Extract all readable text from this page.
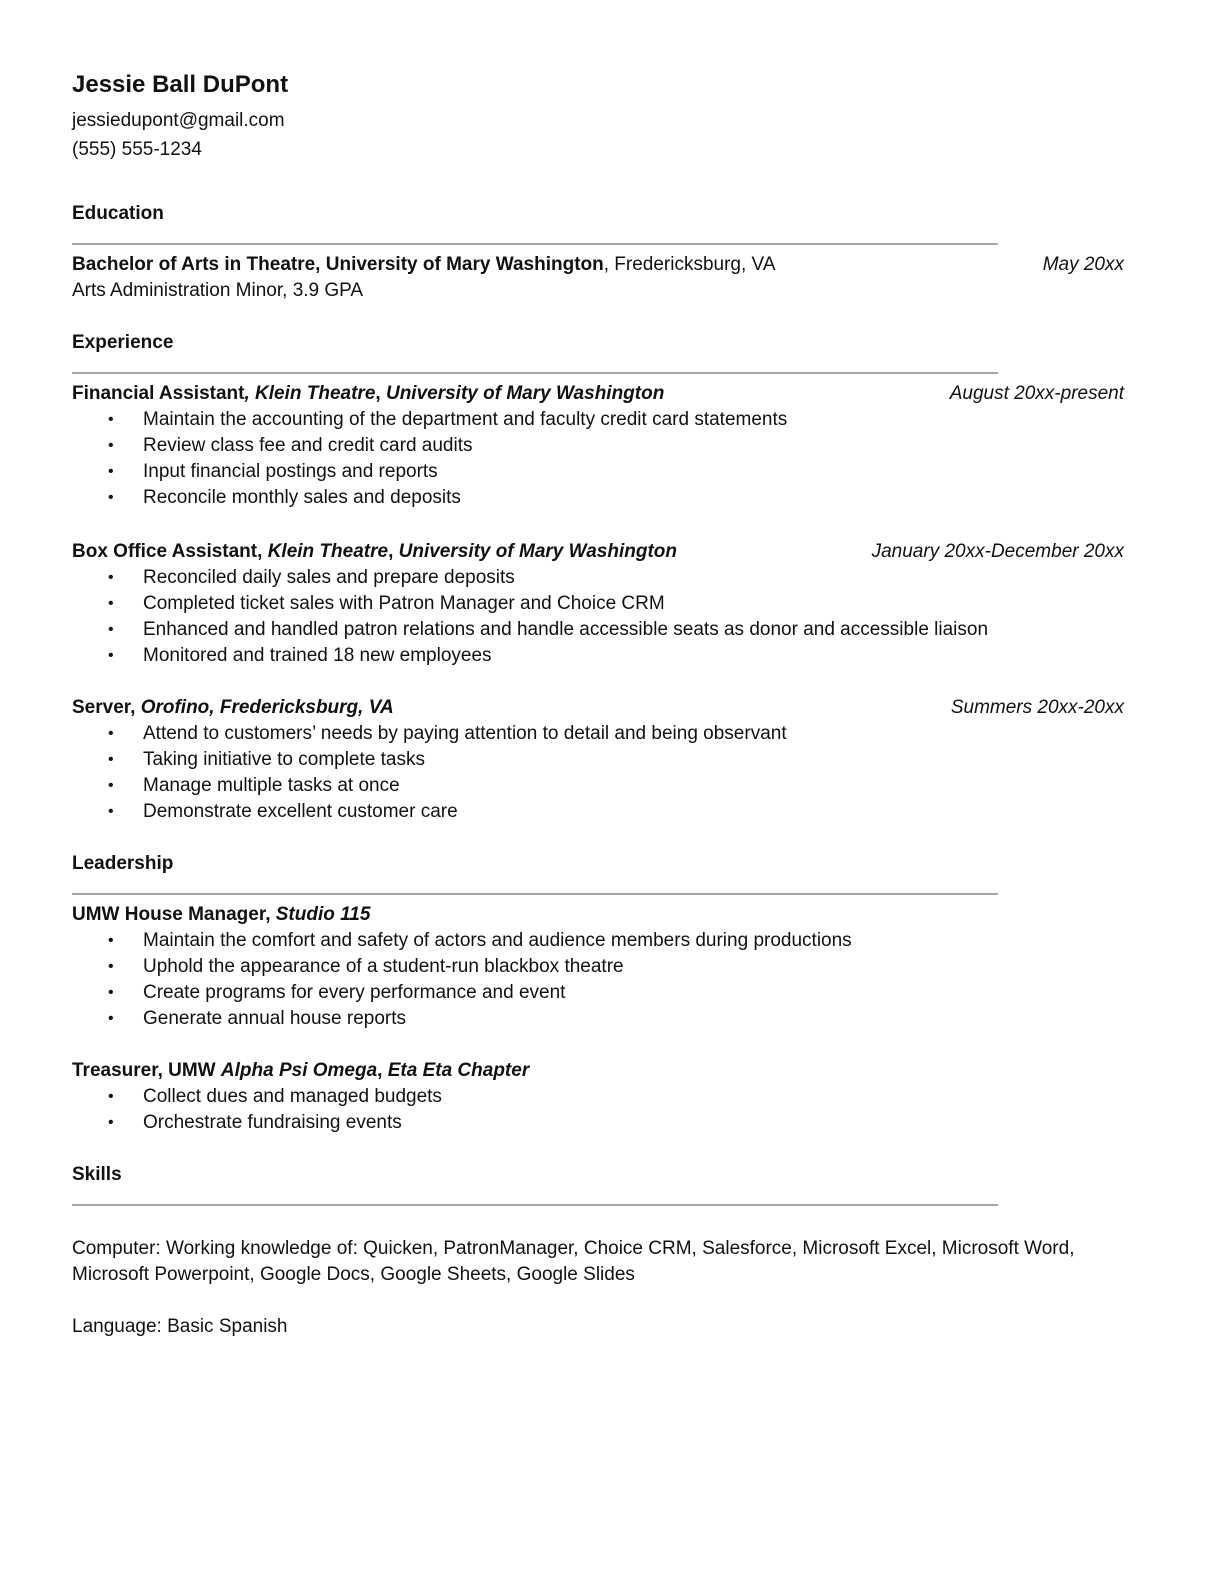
Jessie Ball DuPont
jessiedupont@gmail.com
(555) 555-1234
Education
Bachelor of Arts in Theatre, University of Mary Washington, Fredericksburg, VA	May 20xx
Arts Administration Minor, 3.9 GPA
Experience
Financial Assistant, Klein Theatre, University of Mary Washington	August 20xx-present
• Maintain the accounting of the department and faculty credit card statements
• Review class fee and credit card audits
• Input financial postings and reports
• Reconcile monthly sales and deposits
Box Office Assistant, Klein Theatre, University of Mary Washington	January 20xx-December 20xx
• Reconciled daily sales and prepare deposits
• Completed ticket sales with Patron Manager and Choice CRM
• Enhanced and handled patron relations and handle accessible seats as donor and accessible liaison
• Monitored and trained 18 new employees
Server, Orofino, Fredericksburg, VA	Summers 20xx-20xx
• Attend to customers’ needs by paying attention to detail and being observant
• Taking initiative to complete tasks
• Manage multiple tasks at once
• Demonstrate excellent customer care
Leadership
UMW House Manager, Studio 115
• Maintain the comfort and safety of actors and audience members during productions
• Uphold the appearance of a student-run blackbox theatre
• Create programs for every performance and event
• Generate annual house reports
Treasurer, UMW Alpha Psi Omega, Eta Eta Chapter
• Collect dues and managed budgets
• Orchestrate fundraising events
Skills
Computer: Working knowledge of: Quicken, PatronManager, Choice CRM, Salesforce, Microsoft Excel, Microsoft Word,
Microsoft Powerpoint, Google Docs, Google Sheets, Google Slides
Language: Basic Spanish
